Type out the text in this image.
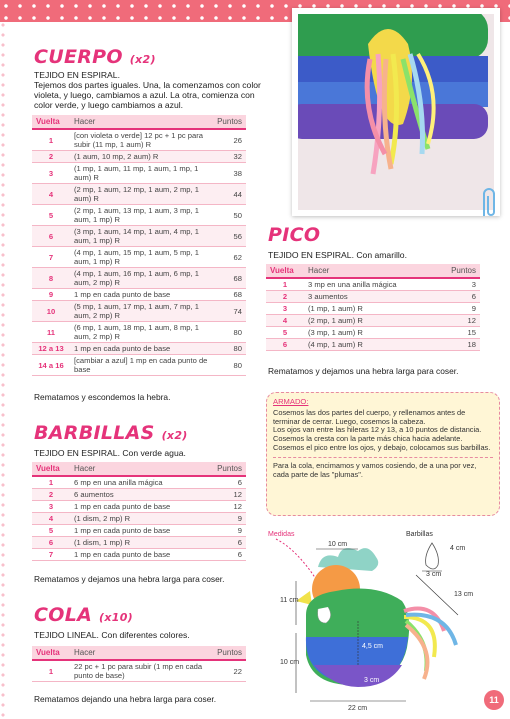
CUERPO (x2)
TEJIDO EN ESPIRAL.
Tejemos dos partes iguales. Una, la comenzamos con color violeta, y luego, cambiamos a azul. La otra, comienza con color verde, y luego cambiamos a azul.
Vuelta	Hacer	Puntos
1	[con violeta o verde] 12 pc + 1 pc para subir (11 mp, 1 aum) R	26
2	(1 aum, 10 mp, 2 aum) R	32
3	(1 mp, 1 aum, 11 mp, 1 aum, 1 mp, 1 aum) R	38
4	(2 mp, 1 aum, 12 mp, 1 aum, 2 mp, 1 aum) R	44
5	(2 mp, 1 aum, 13 mp, 1 aum, 3 mp, 1 aum, 1 mp) R	50
6	(3 mp, 1 aum, 14 mp, 1 aum, 4 mp, 1 aum, 1 mp) R	56
7	(4 mp, 1 aum, 15 mp, 1 aum, 5 mp, 1 aum, 1 mp) R	62
8	(4 mp, 1 aum, 16 mp, 1 aum, 6 mp, 1 aum, 2 mp) R	68
9	1 mp en cada punto de base	68
10	(5 mp, 1 aum, 17 mp, 1 aum, 7 mp, 1 aum, 2 mp) R	74
11	(6 mp, 1 aum, 18 mp, 1 aum, 8 mp, 1 aum, 2 mp) R	80
12 a 13	1 mp en cada punto de base	80
14 a 16	[cambiar a azul] 1 mp en cada punto de base	80
Rematamos y escondemos la hebra.
BARBILLAS (x2)
TEJIDO EN ESPIRAL. Con verde agua.
Vuelta	Hacer	Puntos
1	6 mp en una anilla mágica	6
2	6 aumentos	12
3	1 mp en cada punto de base	12
4	(1 dism, 2 mp) R	9
5	1 mp en cada punto de base	9
6	(1 dism, 1 mp) R	6
7	1 mp en cada punto de base	6
Rematamos y dejamos una hebra larga para coser.
COLA (x10)
TEJIDO LINEAL. Con diferentes colores.
Vuelta	Hacer	Puntos
1	22 pc + 1 pc para subir (1 mp en cada punto de base)	22
Rematamos dejando una hebra larga para coser.
PICO
TEJIDO EN ESPIRAL. Con amarillo.
Vuelta	Hacer	Puntos
1	3 mp en una anilla mágica	3
2	3 aumentos	6
3	(1 mp, 1 aum) R	9
4	(2 mp, 1 aum) R	12
5	(3 mp, 1 aum) R	15
6	(4 mp, 1 aum) R	18
Rematamos y dejamos una hebra larga para coser.
ARMADO:
Cosemos las dos partes del cuerpo, y rellenamos antes de terminar de cerrar. Luego, cosemos la cabeza.
Los ojos van entre las hileras 12 y 13, a 10 puntos de distancia.
Cosemos la cresta con la parte más chica hacia adelante. Cosemos el pico entre los ojos, y debajo, colocamos sus barbillas.
Para la cola, encimamos y vamos cosiendo, de a una por vez, cada parte de las "plumas".
Medidas	Barbillas
10 cm
4 cm
3 cm
11 cm
13 cm
10 cm
4,5 cm
3 cm
22 cm
11
